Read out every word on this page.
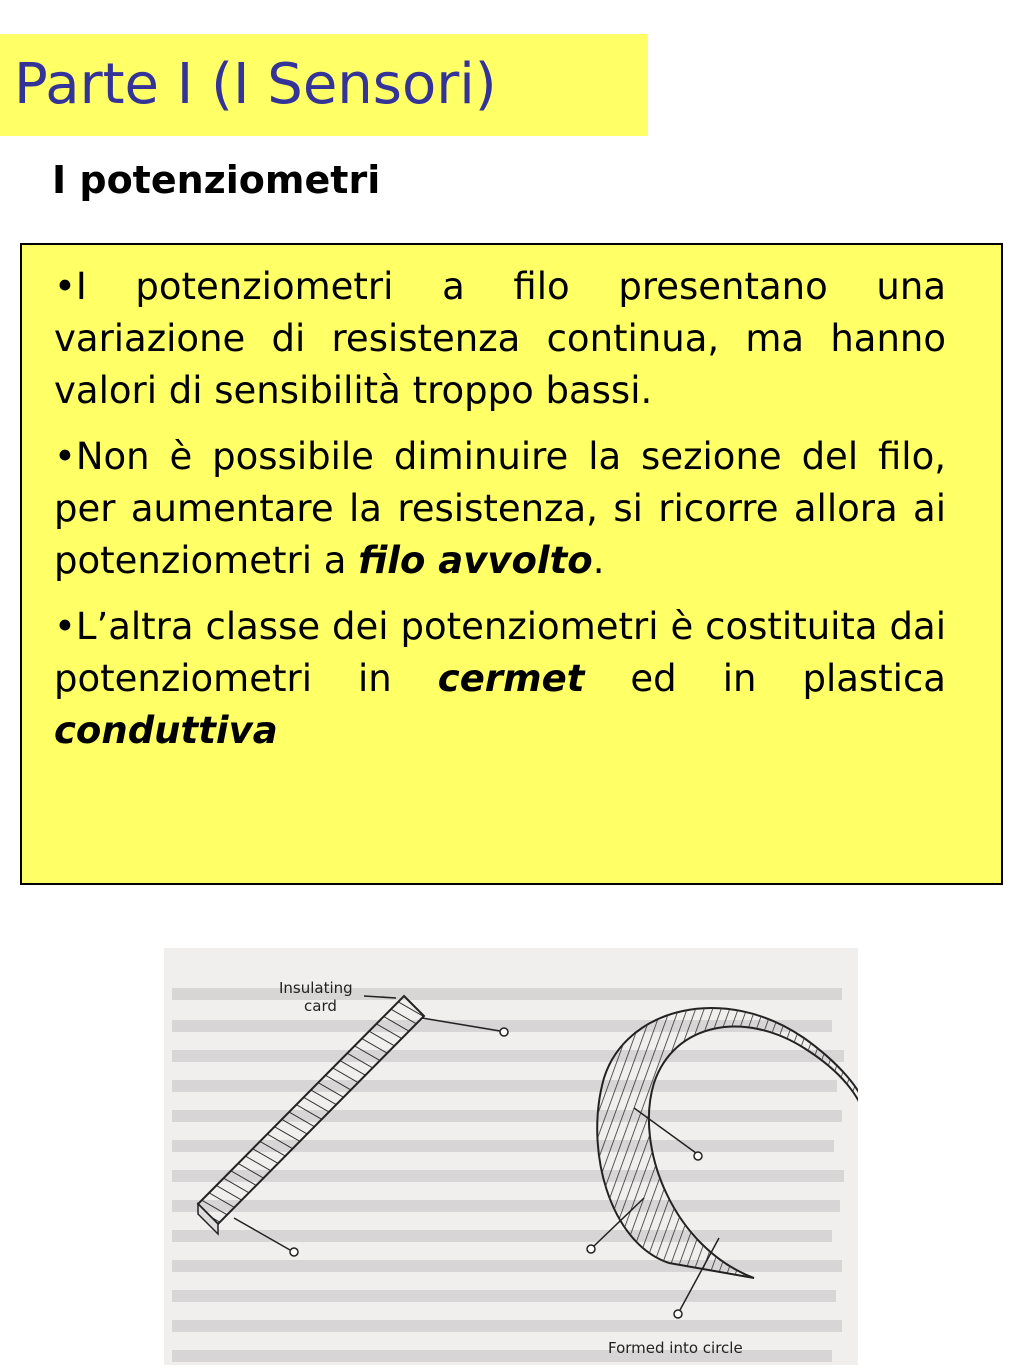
Parte I (I Sensori)
I potenziometri

•I potenziometri a filo presentano una variazione di resistenza continua, ma hanno valori di sensibilità troppo bassi.

•Non è possibile diminuire la sezione del filo, per aumentare la resistenza, si ricorre allora ai potenziometri a filo avvolto.

•L’altra classe dei potenziometri è costituita dai potenziometri in cermet ed in plastica conduttiva

Insulating
card
Formed into circle
